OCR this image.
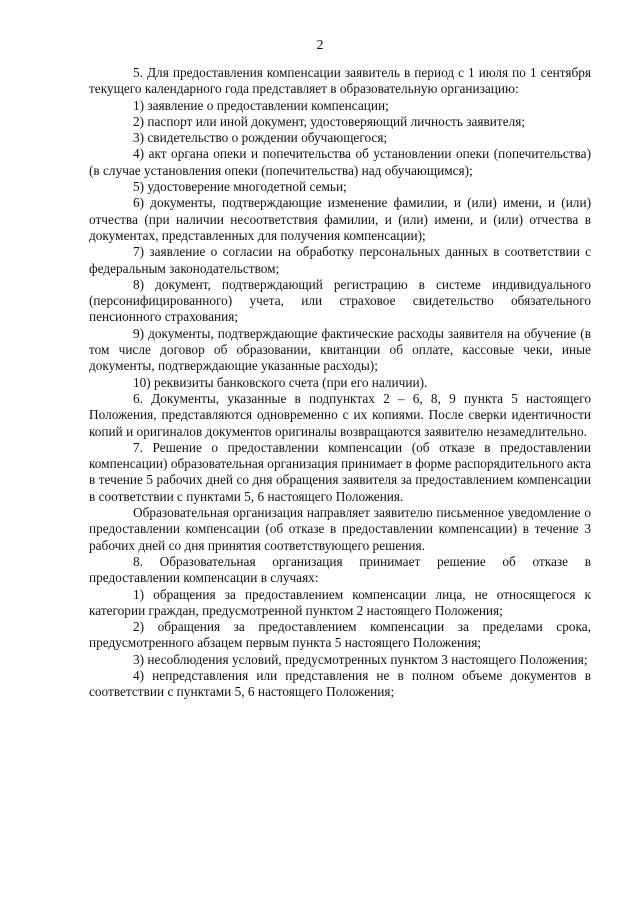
2

5. Для предоставления компенсации заявитель в период с 1 июля по 1 сентября текущего календарного года представляет в образовательную организацию:

1) заявление о предоставлении компенсации;

2) паспорт или иной документ, удостоверяющий личность заявителя;

3) свидетельство о рождении обучающегося;

4) акт органа опеки и попечительства об установлении опеки (попечительства) (в случае установления опеки (попечительства) над обучающимся);

5) удостоверение многодетной семьи;

6) документы, подтверждающие изменение фамилии, и (или) имени, и (или) отчества (при наличии несоответствия фамилии, и (или) имени, и (или) отчества в документах, представленных для получения компенсации);

7) заявление о согласии на обработку персональных данных в соответствии с федеральным законодательством;

8) документ, подтверждающий регистрацию в системе индивидуального (персонифицированного) учета, или страховое свидетельство обязательного пенсионного страхования;

9) документы, подтверждающие фактические расходы заявителя на обучение (в том числе договор об образовании, квитанции об оплате, кассовые чеки, иные документы, подтверждающие указанные расходы);

10) реквизиты банковского счета (при его наличии).

6. Документы, указанные в подпунктах 2 – 6, 8, 9 пункта 5 настоящего Положения, представляются одновременно с их копиями. После сверки идентичности копий и оригиналов документов оригиналы возвращаются заявителю незамедлительно.

7. Решение о предоставлении компенсации (об отказе в предоставлении компенсации) образовательная организация принимает в форме распорядительного акта в течение 5 рабочих дней со дня обращения заявителя за предоставлением компенсации в соответствии с пунктами 5, 6 настоящего Положения.

Образовательная организация направляет заявителю письменное уведомление о предоставлении компенсации (об отказе в предоставлении компенсации) в течение 3 рабочих дней со дня принятия соответствующего решения.

8. Образовательная организация принимает решение об отказе в предоставлении компенсации в случаях:

1) обращения за предоставлением компенсации лица, не относящегося к категории граждан, предусмотренной пунктом 2 настоящего Положения;

2) обращения за предоставлением компенсации за пределами срока, предусмотренного абзацем первым пункта 5 настоящего Положения;

3) несоблюдения условий, предусмотренных пунктом 3 настоящего Положения;

4) непредставления или представления не в полном объеме документов в соответствии с пунктами 5, 6 настоящего Положения;
